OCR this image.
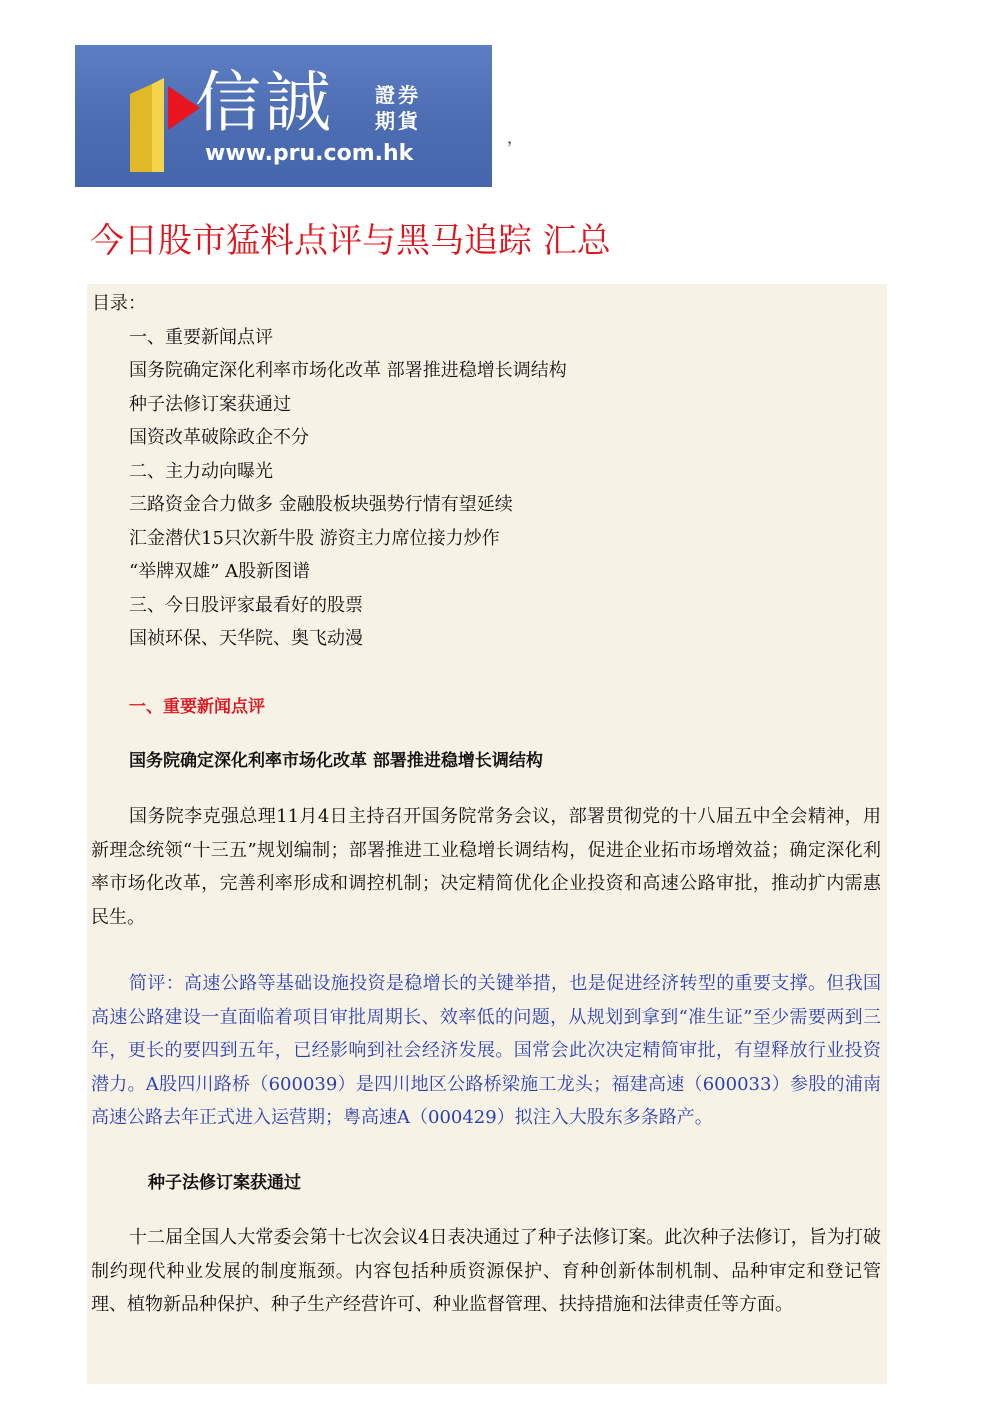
信誠 證券
期貨
www.pru.com.hk
，
今日股市猛料点评与黑马追踪 汇总
目录：
一、重要新闻点评
国务院确定深化利率市场化改革 部署推进稳增长调结构
种子法修订案获通过
国资改革破除政企不分
二、主力动向曝光
三路资金合力做多 金融股板块强势行情有望延续
汇金潜伏15只次新牛股 游资主力席位接力炒作
“举牌双雄” A股新图谱
三、今日股评家最看好的股票
国祯环保、天华院、奥飞动漫
一、重要新闻点评
国务院确定深化利率市场化改革 部署推进稳增长调结构

国务院李克强总理11月4日主持召开国务院常务会议，部署贯彻党的十八届五中全会精神，用新理念统领“十三五”规划编制；部署推进工业稳增长调结构，促进企业拓市场增效益；确定深化利率市场化改革，完善利率形成和调控机制；决定精简优化企业投资和高速公路审批，推动扩内需惠民生。

简评：高速公路等基础设施投资是稳增长的关键举措，也是促进经济转型的重要支撑。但我国高速公路建设一直面临着项目审批周期长、效率低的问题，从规划到拿到“准生证”至少需要两到三年，更长的要四到五年，已经影响到社会经济发展。国常会此次决定精简审批，有望释放行业投资潜力。A股四川路桥（600039）是四川地区公路桥梁施工龙头；福建高速（600033）参股的浦南高速公路去年正式进入运营期；粤高速A（000429）拟注入大股东多条路产。

种子法修订案获通过

十二届全国人大常委会第十七次会议4日表决通过了种子法修订案。此次种子法修订，旨为打破制约现代种业发展的制度瓶颈。内容包括种质资源保护、育种创新体制机制、品种审定和登记管理、植物新品种保护、种子生产经营许可、种业监督管理、扶持措施和法律责任等方面。
